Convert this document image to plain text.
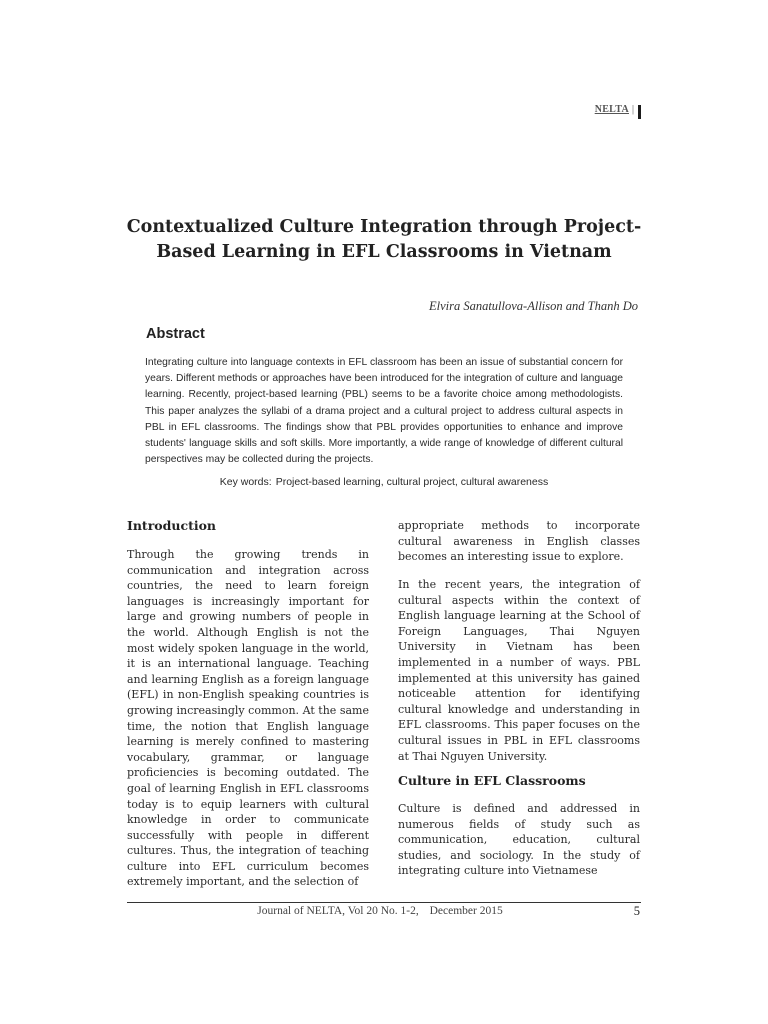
NELTA |
Contextualized Culture Integration through Project-Based Learning in EFL Classrooms in Vietnam
Elvira Sanatullova-Allison and Thanh Do
Abstract

Integrating culture into language contexts in EFL classroom has been an issue of substantial concern for years. Different methods or approaches have been introduced for the integration of culture and language learning. Recently, project-based learning (PBL) seems to be a favorite choice among methodologists. This paper analyzes the syllabi of a drama project and a cultural project to address cultural aspects in PBL in EFL classrooms. The findings show that PBL provides opportunities to enhance and improve students' language skills and soft skills. More importantly, a wide range of knowledge of different cultural perspectives may be collected during the projects.

Key words: Project-based learning, cultural project, cultural awareness

Introduction

Through the growing trends in communication and integration across countries, the need to learn foreign languages is increasingly important for large and growing numbers of people in the world. Although English is not the most widely spoken language in the world, it is an international language. Teaching and learning English as a foreign language (EFL) in non-English speaking countries is growing increasingly common. At the same time, the notion that English language learning is merely confined to mastering vocabulary, grammar, or language proficiencies is becoming outdated. The goal of learning English in EFL classrooms today is to equip learners with cultural knowledge in order to communicate successfully with people in different cultures. Thus, the integration of teaching culture into EFL curriculum becomes extremely important, and the selection of

appropriate methods to incorporate cultural awareness in English classes becomes an interesting issue to explore.

In the recent years, the integration of cultural aspects within the context of English language learning at the School of Foreign Languages, Thai Nguyen University in Vietnam has been implemented in a number of ways. PBL implemented at this university has gained noticeable attention for identifying cultural knowledge and understanding in EFL classrooms. This paper focuses on the cultural issues in PBL in EFL classrooms at Thai Nguyen University.

Culture in EFL Classrooms

Culture is defined and addressed in numerous fields of study such as communication, education, cultural studies, and sociology. In the study of integrating culture into Vietnamese

Journal of NELTA, Vol 20 No. 1-2, December 2015	5
